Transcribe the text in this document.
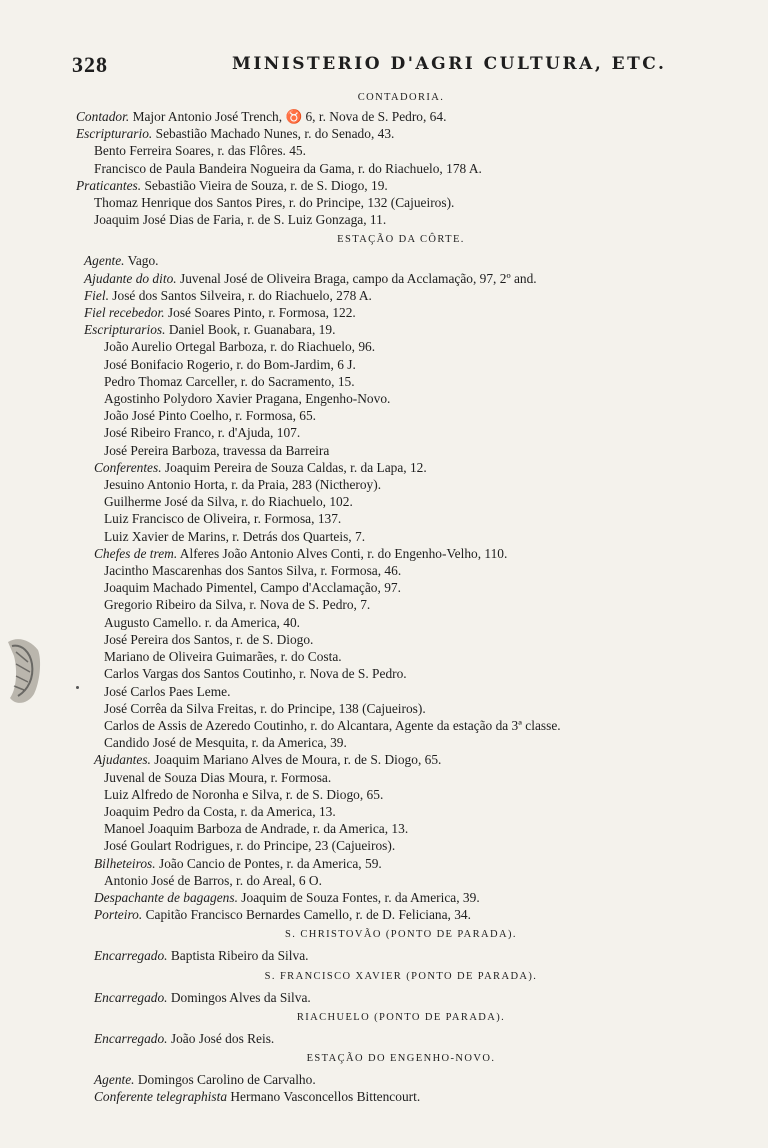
328	MINISTERIO D'AGRI CULTURA, ETC.
CONTADORIA.
Contador. Major Antonio José Trench, ♉ 6, r. Nova de S. Pedro, 64.
Escripturario. Sebastião Machado Nunes, r. do Senado, 43.
Bento Ferreira Soares, r. das Flôres. 45.
Francisco de Paula Bandeira Nogueira da Gama, r. do Riachuelo, 178 A.
Praticantes. Sebastião Vieira de Souza, r. de S. Diogo, 19.
Thomaz Henrique dos Santos Pires, r. do Principe, 132 (Cajueiros).
Joaquim José Dias de Faria, r. de S. Luiz Gonzaga, 11.
ESTAÇÃO DA CÔRTE.
Agente. Vago.
Ajudante do dito. Juvenal José de Oliveira Braga, campo da Acclamação, 97, 2º and.
Fiel. José dos Santos Silveira, r. do Riachuelo, 278 A.
Fiel recebedor. José Soares Pinto, r. Formosa, 122.
Escripturarios. Daniel Book, r. Guanabara, 19.
João Aurelio Ortegal Barboza, r. do Riachuelo, 96.
José Bonifacio Rogerio, r. do Bom-Jardim, 6 J.
Pedro Thomaz Carceller, r. do Sacramento, 15.
Agostinho Polydoro Xavier Pragana, Engenho-Novo.
João José Pinto Coelho, r. Formosa, 65.
José Ribeiro Franco, r. d'Ajuda, 107.
José Pereira Barboza, travessa da Barreira
Conferentes. Joaquim Pereira de Souza Caldas, r. da Lapa, 12.
Jesuino Antonio Horta, r. da Praia, 283 (Nictheroy).
Guilherme José da Silva, r. do Riachuelo, 102.
Luiz Francisco de Oliveira, r. Formosa, 137.
Luiz Xavier de Marins, r. Detrás dos Quarteis, 7.
Chefes de trem. Alferes João Antonio Alves Conti, r. do Engenho-Velho, 110.
Jacintho Mascarenhas dos Santos Silva, r. Formosa, 46.
Joaquim Machado Pimentel, Campo d'Acclamação, 97.
Gregorio Ribeiro da Silva, r. Nova de S. Pedro, 7.
Augusto Camello. r. da America, 40.
José Pereira dos Santos, r. de S. Diogo.
Mariano de Oliveira Guimarães, r. do Costa.
Carlos Vargas dos Santos Coutinho, r. Nova de S. Pedro.
José Carlos Paes Leme.
José Corrêa da Silva Freitas, r. do Principe, 138 (Cajueiros).
Carlos de Assis de Azeredo Coutinho, r. do Alcantara, Agente da estação da 3ª classe.
Candido José de Mesquita, r. da America, 39.
Ajudantes. Joaquim Mariano Alves de Moura, r. de S. Diogo, 65.
Juvenal de Souza Dias Moura, r. Formosa.
Luiz Alfredo de Noronha e Silva, r. de S. Diogo, 65.
Joaquim Pedro da Costa, r. da America, 13.
Manoel Joaquim Barboza de Andrade, r. da America, 13.
José Goulart Rodrigues, r. do Principe, 23 (Cajueiros).
Bilheteiros. João Cancio de Pontes, r. da America, 59.
Antonio José de Barros, r. do Areal, 6 O.
Despachante de bagagens. Joaquim de Souza Fontes, r. da America, 39.
Porteiro. Capitão Francisco Bernardes Camello, r. de D. Feliciana, 34.
S. CHRISTOVÃO (PONTO DE PARADA).
Encarregado. Baptista Ribeiro da Silva.
S. FRANCISCO XAVIER (PONTO DE PARADA).
Encarregado. Domingos Alves da Silva.
RIACHUELO (PONTO DE PARADA).
Encarregado. João José dos Reis.
ESTAÇÃO DO ENGENHO-NOVO.
Agente. Domingos Carolino de Carvalho.
Conferente telegraphista Hermano Vasconcellos Bittencourt.
